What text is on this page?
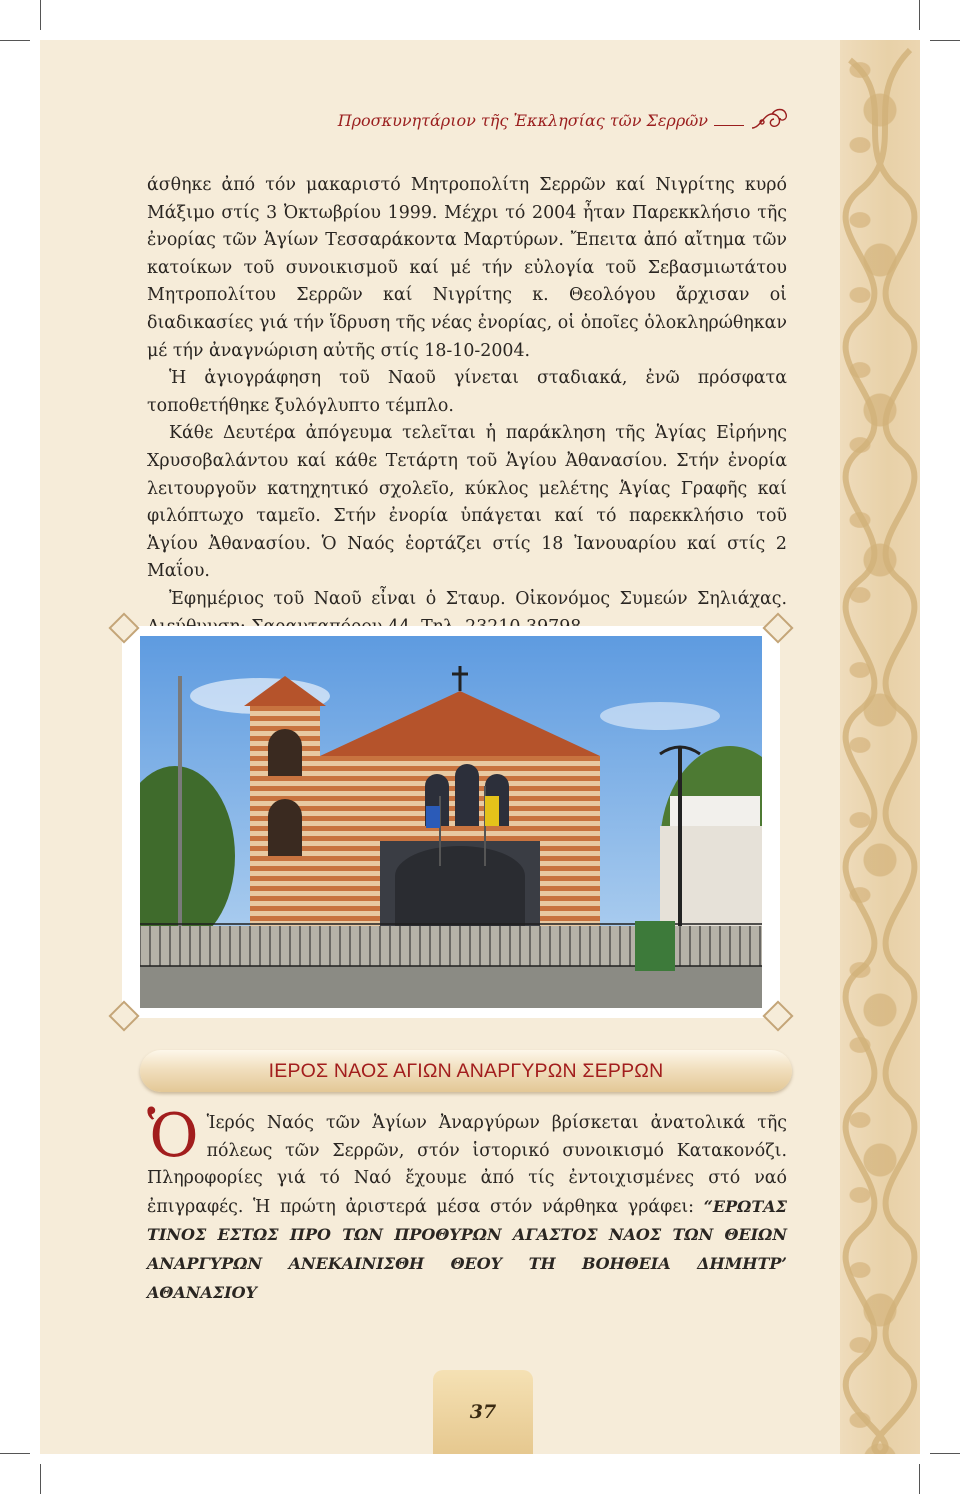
Προσκυνητάριον τῆς Ἐκκλησίας τῶν Σερρῶν

άσθηκε ἀπό τόν μακαριστό Μητροπολίτη Σερρῶν καί Νιγρίτης κυρό Μάξιμο στίς 3 Ὀκτωβρίου 1999. Μέχρι τό 2004 ἦταν Παρεκκλήσιο τῆς ἐνορίας τῶν Ἁγίων Τεσσαράκοντα Μαρτύρων. Ἔπειτα ἀπό αἴτημα τῶν κατοίκων τοῦ συνοικισμοῦ καί μέ τήν εὐλογία τοῦ Σεβασμιωτάτου Μητροπολίτου Σερρῶν καί Νιγρίτης κ. Θεολόγου ἄρχισαν οἱ διαδικασίες γιά τήν ἵδρυση τῆς νέας ἐνορίας, οἱ ὁποῖες ὁλοκληρώθηκαν μέ τήν ἀναγνώριση αὐτῆς στίς 18-10-2004.

Ἡ ἁγιογράφηση τοῦ Ναοῦ γίνεται σταδιακά, ἐνῶ πρόσφατα τοποθετήθηκε ξυλόγλυπτο τέμπλο.

Κάθε Δευτέρα ἀπόγευμα τελεῖται ἡ παράκληση τῆς Ἁγίας Εἰρήνης Χρυσοβαλάντου καί κάθε Τετάρτη τοῦ Ἁγίου Ἀθανασίου. Στήν ἐνορία λειτουργοῦν κατηχητικό σχολεῖο, κύκλος μελέτης Ἁγίας Γραφῆς καί φιλόπτωχο ταμεῖο. Στήν ἐνορία ὑπάγεται καί τό παρεκκλήσιο τοῦ Ἁγίου Ἀθανασίου. Ὁ Ναός ἑορτάζει στίς 18 Ἰανουαρίου καί στίς 2 Μαΐου.

Ἐφημέριος τοῦ Ναοῦ εἶναι ὁ Σταυρ. Οἰκονόμος Συμεών Σηλιάχας.

ΙΕΡΟΣ ΝΑΟΣ ΑΓΙΩΝ ΑΝΑΡΓΥΡΩΝ ΣΕΡΡΩΝ
Ὁ Ἱερός Ναός τῶν Ἁγίων Ἀναργύρων βρίσκεται ἀνατολικά τῆς πόλεως τῶν Σερρῶν, στόν ἱστορικό συνοικισμό Κατακονόζι. Πληροφορίες γιά τό Ναό ἔχουμε ἀπό τίς ἐντοιχισμένες στό ναό ἐπιγραφές. Ἡ πρώτη ἀριστερά μέσα στόν νάρθηκα γράφει: “ΕΡΩΤΑΣ ΤΙΝΟΣ ΕΣΤΩΣ ΠΡΟ ΤΩΝ ΠΡΟΘΥΡΩΝ ΑΓΑΣΤΟΣ ΝΑΟΣ ΤΩΝ ΘΕΙΩΝ ΑΝΑΡΓΥΡΩΝ ΑΝΕΚΑΙΝΙΣΘΗ ΘΕΟΥ ΤΗ ΒΟΗΘΕΙΑ ΔΗΜΗΤΡ’ ΑΘΑΝΑΣΙΟΥ
37
